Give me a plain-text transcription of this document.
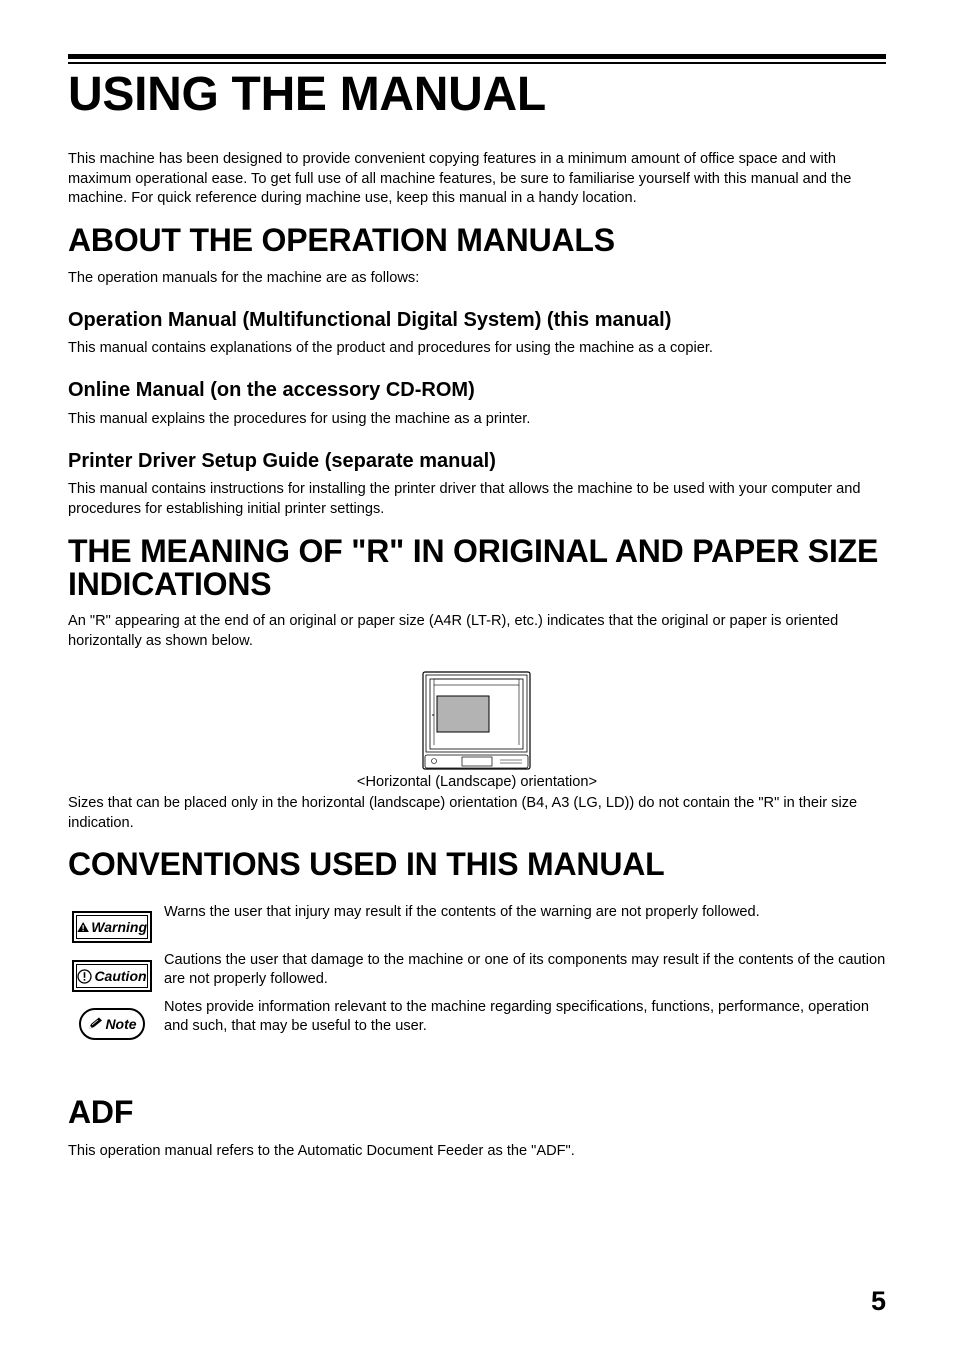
USING THE MANUAL

This machine has been designed to provide convenient copying features in a minimum amount of office space and with maximum operational ease. To get full use of all machine features, be sure to familiarise yourself with this manual and the machine. For quick reference during machine use, keep this manual in a handy location.

ABOUT THE OPERATION MANUALS

The operation manuals for the machine are as follows:

Operation Manual (Multifunctional Digital System) (this manual)

This manual contains explanations of the product and procedures for using the machine as a copier.

Online Manual (on the accessory CD-ROM)

This manual explains the procedures for using the machine as a printer.

Printer Driver Setup Guide (separate manual)

This manual contains instructions for installing the printer driver that allows the machine to be used with your computer and procedures for establishing initial printer settings.

THE MEANING OF "R" IN ORIGINAL AND PAPER SIZE INDICATIONS

An "R" appearing at the end of an original or paper size (A4R (LT-R), etc.) indicates that the original or paper is oriented horizontally as shown below.

<Horizontal (Landscape) orientation>

Sizes that can be placed only in the horizontal (landscape) orientation (B4, A3 (LG, LD)) do not contain the "R" in their size indication.

CONVENTIONS USED IN THIS MANUAL
Warning

Warns the user that injury may result if the contents of the warning are not properly followed.

Caution

Cautions the user that damage to the machine or one of its components may result if the contents of the caution are not properly followed.

Note

Notes provide information relevant to the machine regarding specifications, functions, performance, operation and such, that may be useful to the user.

ADF

This operation manual refers to the Automatic Document Feeder as the "ADF".

5
